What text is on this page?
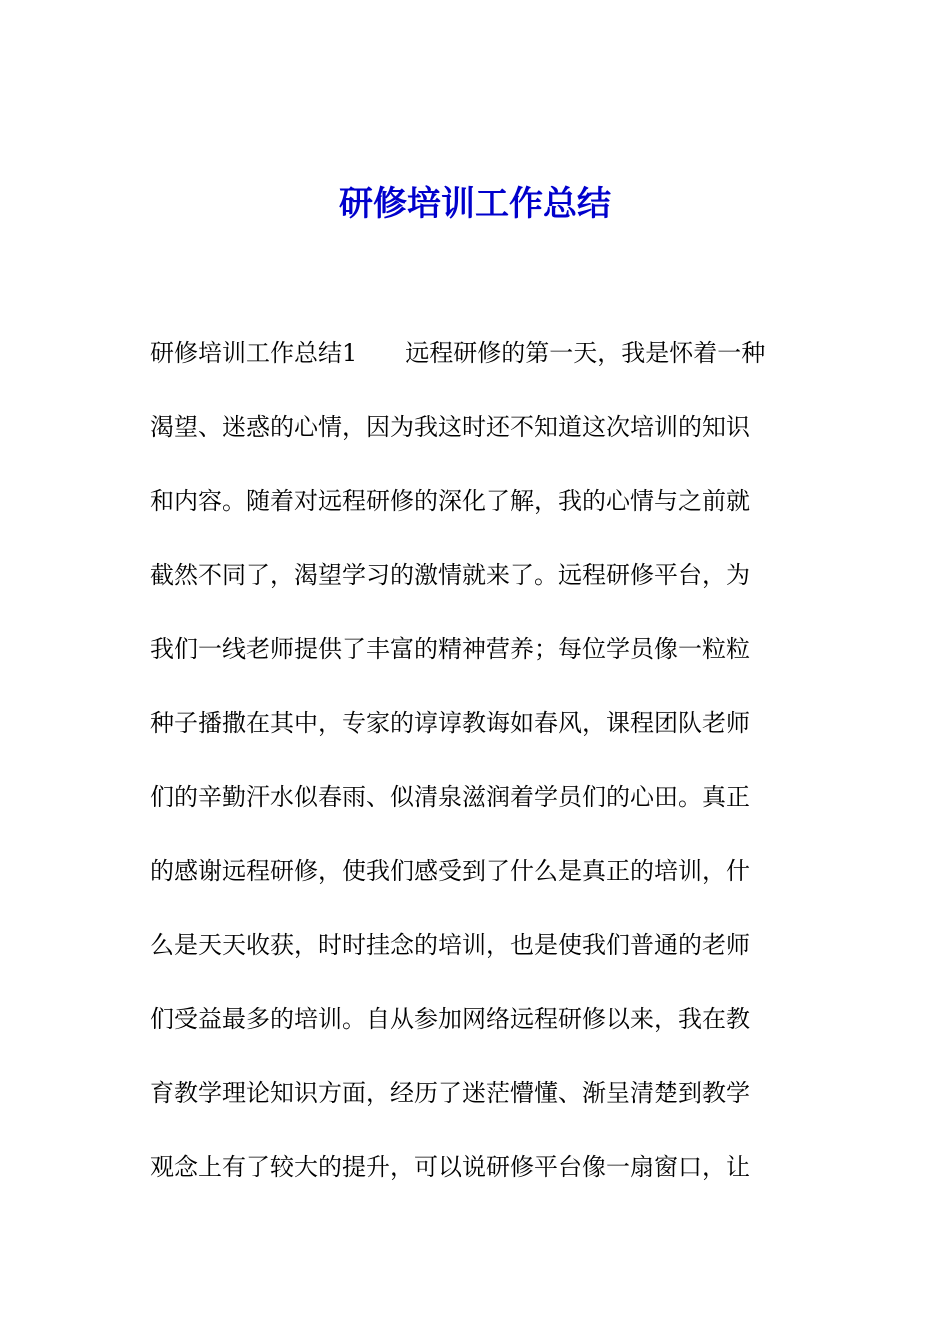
研修培训工作总结
研修培训工作总结1　　远程研修的第一天，我是怀着一种
渴望、迷惑的心情，因为我这时还不知道这次培训的知识
和内容。随着对远程研修的深化了解，我的心情与之前就
截然不同了，渴望学习的激情就来了。远程研修平台，为
我们一线老师提供了丰富的精神营养；每位学员像一粒粒
种子播撒在其中，专家的谆谆教诲如春风，课程团队老师
们的辛勤汗水似春雨、似清泉滋润着学员们的心田。真正
的感谢远程研修，使我们感受到了什么是真正的培训，什
么是天天收获，时时挂念的培训，也是使我们普通的老师
们受益最多的培训。自从参加网络远程研修以来，我在教
育教学理论知识方面，经历了迷茫懵懂、渐呈清楚到教学
观念上有了较大的提升，可以说研修平台像一扇窗口，让
